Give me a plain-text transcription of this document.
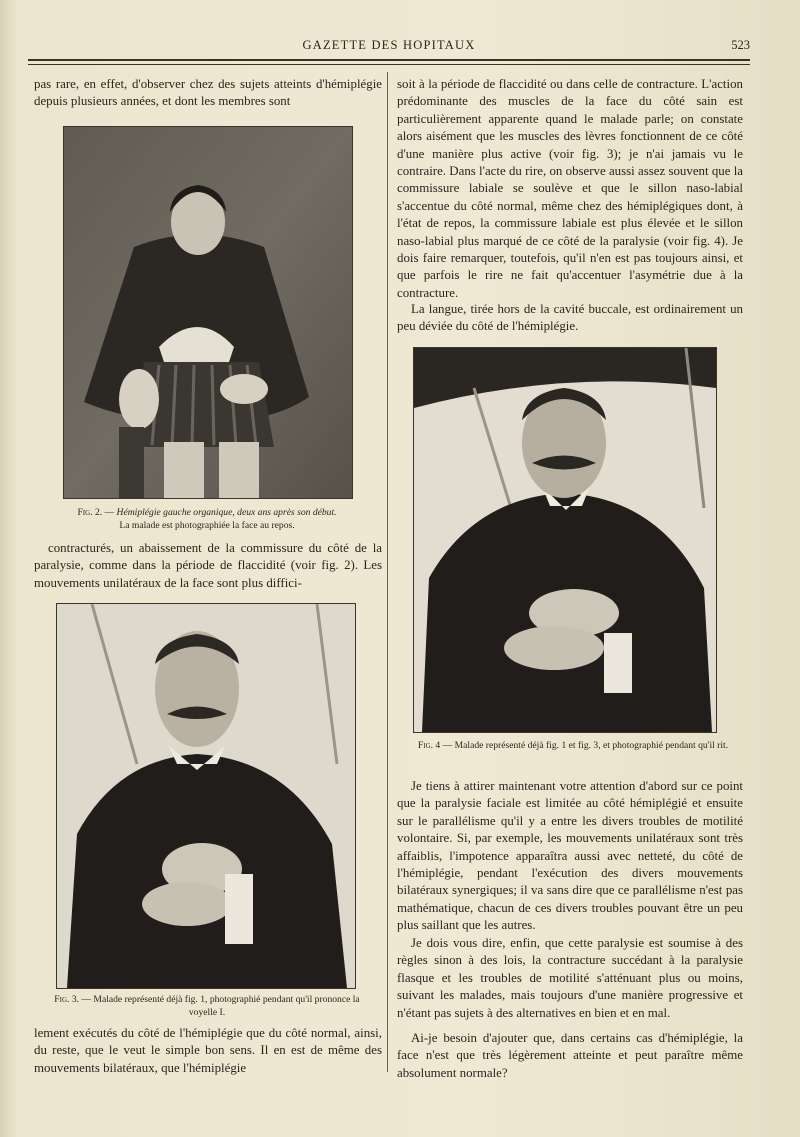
GAZETTE DES HOPITAUX	523

pas rare, en effet, d'observer chez des sujets atteints d'hémiplégie depuis plusieurs années, et dont les membres sont

Fig. 2. — Hémiplégie gauche organique, deux ans après son début.
La malade est photographiée la face au repos.

contracturés, un abaissement de la commissure du côté de la paralysie, comme dans la période de flaccidité (voir fig. 2). Les mouvements unilatéraux de la face sont plus diffici-

Fig. 3. — Malade représenté déjà fig. 1, photographié pendant qu'il prononce la voyelle I.

lement exécutés du côté de l'hémiplégie que du côté normal, ainsi, du reste, que le veut le simple bon sens. Il en est de même des mouvements bilatéraux, que l'hémiplégie

soit à la période de flaccidité ou dans celle de contracture. L'action prédominante des muscles de la face du côté sain est particulièrement apparente quand le malade parle; on constate alors aisément que les muscles des lèvres fonctionnent de ce côté d'une manière plus active (voir fig. 3); je n'ai jamais vu le contraire. Dans l'acte du rire, on observe aussi assez souvent que la commissure labiale se soulève et que le sillon naso-labial s'accentue du côté normal, même chez des hémiplégiques dont, à l'état de repos, la commissure labiale est plus élevée et le sillon naso-labial plus marqué de ce côté de la paralysie (voir fig. 4). Je dois faire remarquer, toutefois, qu'il n'en est pas toujours ainsi, et que parfois le rire ne fait qu'accentuer l'asymétrie due à la contracture.

La langue, tirée hors de la cavité buccale, est ordinairement un peu déviée du côté de l'hémiplégie.

Fig. 4 — Malade représenté déjà fig. 1 et fig. 3, et photographié pendant qu'il rit.

Je tiens à attirer maintenant votre attention d'abord sur ce point que la paralysie faciale est limitée au côté hémiplégié et ensuite sur le parallélisme qu'il y a entre les divers troubles de motilité volontaire. Si, par exemple, les mouvements unilatéraux sont très affaiblis, l'impotence apparaîtra aussi avec netteté, du côté de l'hémiplégie, pendant l'exécution des divers mouvements bilatéraux synergiques; il va sans dire que ce parallélisme n'est pas mathématique, chacun de ces divers troubles pouvant être un peu plus saillant que les autres.

Je dois vous dire, enfin, que cette paralysie est soumise à des règles sinon à des lois, la contracture succédant à la paralysie flasque et les troubles de motilité s'atténuant plus ou moins, suivant les malades, mais toujours d'une manière progressive et n'étant pas sujets à des alternatives en bien et en mal.

Ai-je besoin d'ajouter que, dans certains cas d'hémiplégie, la face n'est que très légèrement atteinte et peut paraître même absolument normale?
